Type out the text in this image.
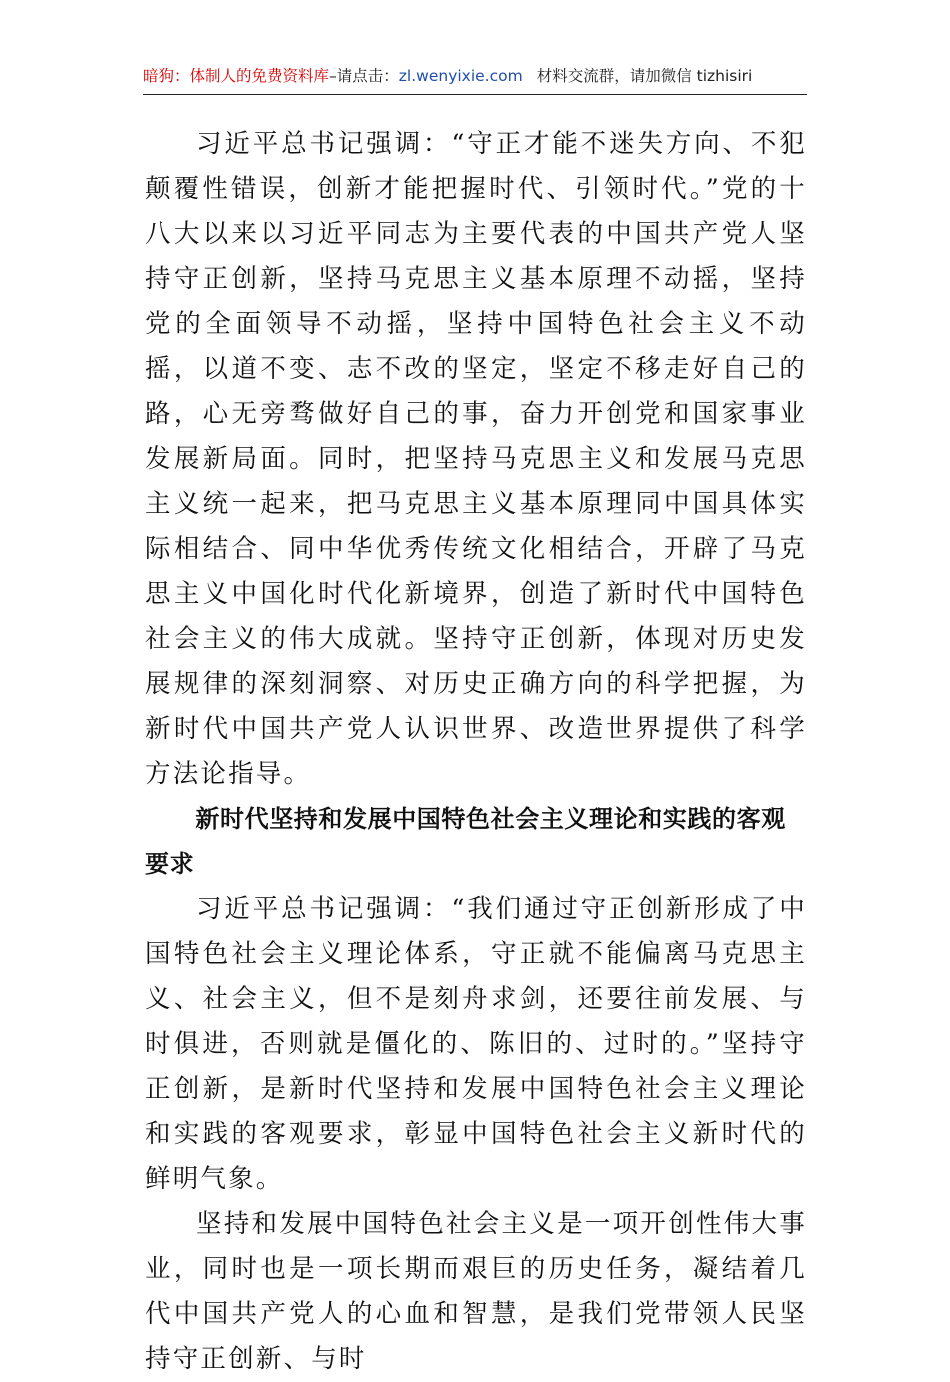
暗狗：体制人的免费资料库–请点击：zl.wenyixie.com 材料交流群，请加微信 tizhisiri

习近平总书记强调：“守正才能不迷失方向、不犯颠覆性错误，创新才能把握时代、引领时代。”党的十八大以来以习近平同志为主要代表的中国共产党人坚持守正创新，坚持马克思主义基本原理不动摇，坚持党的全面领导不动摇，坚持中国特色社会主义不动摇，以道不变、志不改的坚定，坚定不移走好自己的路，心无旁骛做好自己的事，奋力开创党和国家事业发展新局面。同时，把坚持马克思主义和发展马克思主义统一起来，把马克思主义基本原理同中国具体实际相结合、同中华优秀传统文化相结合，开辟了马克思主义中国化时代化新境界，创造了新时代中国特色社会主义的伟大成就。坚持守正创新，体现对历史发展规律的深刻洞察、对历史正确方向的科学把握，为新时代中国共产党人认识世界、改造世界提供了科学方法论指导。

新时代坚持和发展中国特色社会主义理论和实践的客观要求

习近平总书记强调：“我们通过守正创新形成了中国特色社会主义理论体系，守正就不能偏离马克思主义、社会主义，但不是刻舟求剑，还要往前发展、与时俱进，否则就是僵化的、陈旧的、过时的。”坚持守正创新，是新时代坚持和发展中国特色社会主义理论和实践的客观要求，彰显中国特色社会主义新时代的鲜明气象。

坚持和发展中国特色社会主义是一项开创性伟大事业，同时也是一项长期而艰巨的历史任务，凝结着几代中国共产党人的心血和智慧，是我们党带领人民坚持守正创新、与时
